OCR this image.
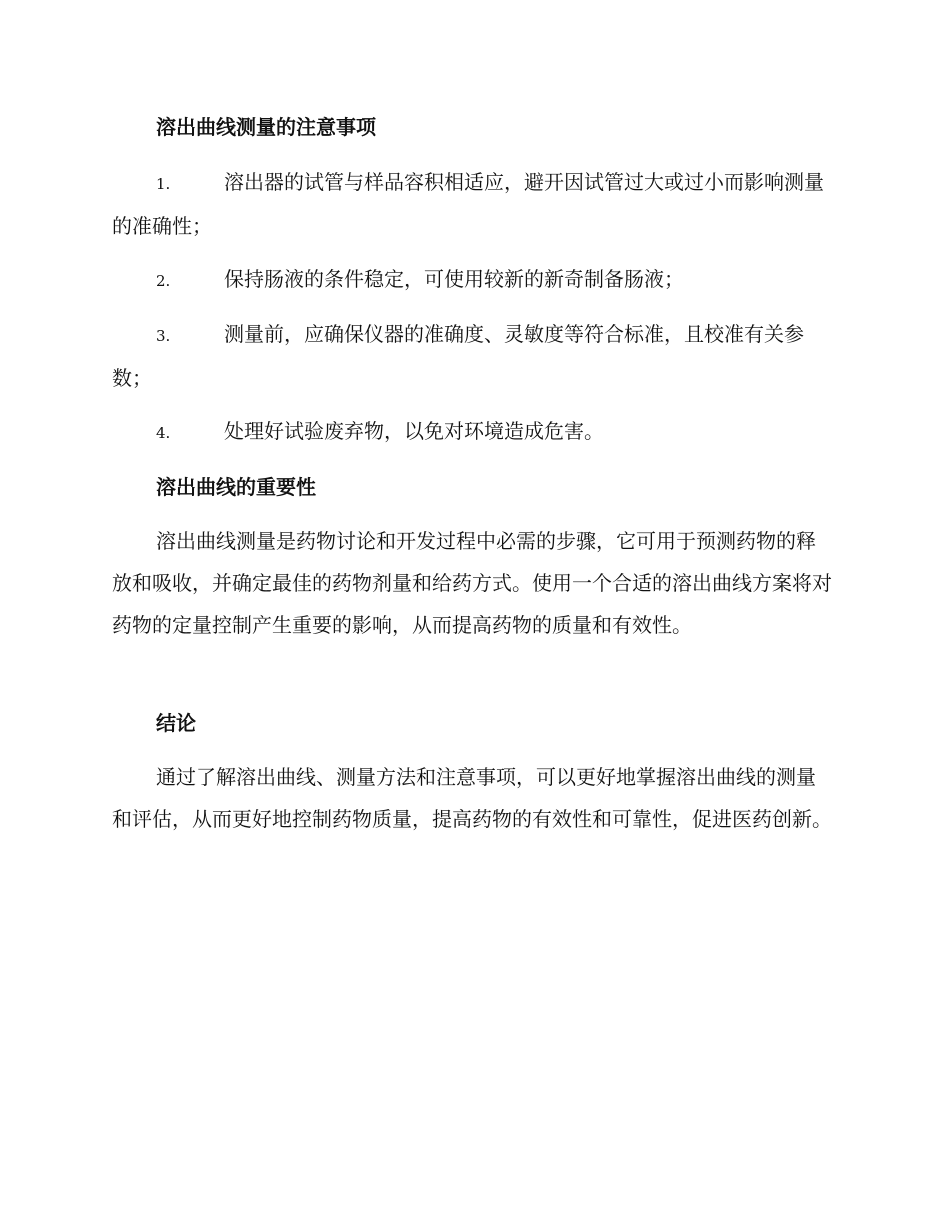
溶出曲线测量的注意事项

1.	溶出器的试管与样品容积相适应，避开因试管过大或过小而影响测量的准确性；

2.	保持肠液的条件稳定，可使用较新的新奇制备肠液；

3.	测量前，应确保仪器的准确度、灵敏度等符合标准，且校准有关参数；

4.	处理好试验废弃物，以免对环境造成危害。

溶出曲线的重要性

溶出曲线测量是药物讨论和开发过程中必需的步骤，它可用于预测药物的释放和吸收，并确定最佳的药物剂量和给药方式。使用一个合适的溶出曲线方案将对药物的定量控制产生重要的影响，从而提高药物的质量和有效性。

结论

通过了解溶出曲线、测量方法和注意事项，可以更好地掌握溶出曲线的测量和评估，从而更好地控制药物质量，提高药物的有效性和可靠性，促进医药创新。
